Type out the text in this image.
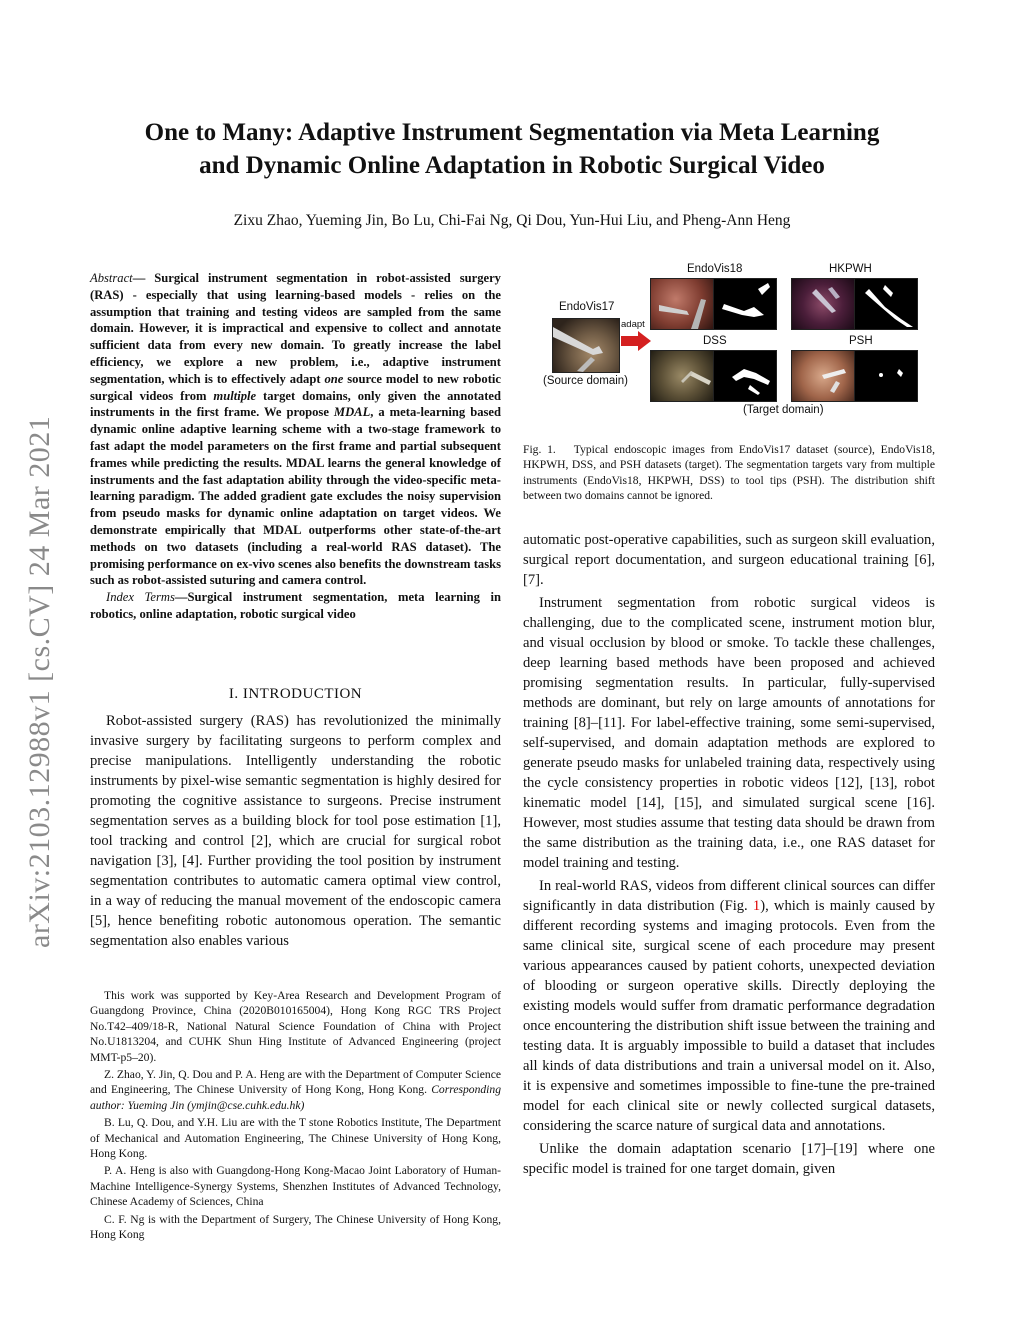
One to Many: Adaptive Instrument Segmentation via Meta Learning
and Dynamic Online Adaptation in Robotic Surgical Video
Zixu Zhao, Yueming Jin, Bo Lu, Chi-Fai Ng, Qi Dou, Yun-Hui Liu, and Pheng-Ann Heng
arXiv:2103.12988v1 [cs.CV] 24 Mar 2021

Abstract— Surgical instrument segmentation in robot-assisted surgery (RAS) - especially that using learning-based models - relies on the assumption that training and testing videos are sampled from the same domain. However, it is impractical and expensive to collect and annotate sufficient data from every new domain. To greatly increase the label efficiency, we explore a new problem, i.e., adaptive instrument segmentation, which is to effectively adapt one source model to new robotic surgical videos from multiple target domains, only given the annotated instruments in the first frame. We propose MDAL, a meta-learning based dynamic online adaptive learning scheme with a two-stage framework to fast adapt the model parameters on the first frame and partial subsequent frames while predicting the results. MDAL learns the general knowledge of instruments and the fast adaptation ability through the video-specific meta-learning paradigm. The added gradient gate excludes the noisy supervision from pseudo masks for dynamic online adaptation on target videos. We demonstrate empirically that MDAL outperforms other state-of-the-art methods on two datasets (including a real-world RAS dataset). The promising performance on ex-vivo scenes also benefits the downstream tasks such as robot-assisted suturing and camera control.

Index Terms—Surgical instrument segmentation, meta learning in robotics, online adaptation, robotic surgical video

I. INTRODUCTION

Robot-assisted surgery (RAS) has revolutionized the minimally invasive surgery by facilitating surgeons to perform complex and precise manipulations. Intelligently understanding the robotic instruments by pixel-wise semantic segmentation is highly desired for promoting the cognitive assistance to surgeons. Precise instrument segmentation serves as a building block for tool pose estimation [1], tool tracking and control [2], which are crucial for surgical robot navigation [3], [4]. Further providing the tool position by instrument segmentation contributes to automatic camera optimal view control, in a way of reducing the manual movement of the endoscopic camera [5], hence benefiting robotic autonomous operation. The semantic segmentation also enables various

This work was supported by Key-Area Research and Development Program of Guangdong Province, China (2020B010165004), Hong Kong RGC TRS Project No.T42–409/18-R, National Natural Science Foundation of China with Project No.U1813204, and CUHK Shun Hing Institute of Advanced Engineering (project MMT-p5–20).

Z. Zhao, Y. Jin, Q. Dou and P. A. Heng are with the Department of Computer Science and Engineering, The Chinese University of Hong Kong, Hong Kong. Corresponding author: Yueming Jin (ymjin@cse.cuhk.edu.hk)

B. Lu, Q. Dou, and Y.H. Liu are with the T stone Robotics Institute, The Department of Mechanical and Automation Engineering, The Chinese University of Hong Kong, Hong Kong.

P. A. Heng is also with Guangdong-Hong Kong-Macao Joint Laboratory of Human-Machine Intelligence-Synergy Systems, Shenzhen Institutes of Advanced Technology, Chinese Academy of Sciences, China

C. F. Ng is with the Department of Surgery, The Chinese University of Hong Kong, Hong Kong

EndoVis17
EndoVis18	HKPWH
DSS	PSH
adapt
(Source domain)
(Target domain)
Fig. 1. Typical endoscopic images from EndoVis17 dataset (source), EndoVis18, HKPWH, DSS, and PSH datasets (target). The segmentation targets vary from multiple instruments (EndoVis18, HKPWH, DSS) to tool tips (PSH). The distribution shift between two domains cannot be ignored.

automatic post-operative capabilities, such as surgeon skill evaluation, surgical report documentation, and surgeon educational training [6], [7].

Instrument segmentation from robotic surgical videos is challenging, due to the complicated scene, instrument motion blur, and visual occlusion by blood or smoke. To tackle these challenges, deep learning based methods have been proposed and achieved promising segmentation results. In particular, fully-supervised methods are dominant, but rely on large amounts of annotations for training [8]–[11]. For label-effective training, some semi-supervised, self-supervised, and domain adaptation methods are explored to generate pseudo masks for unlabeled training data, respectively using the cycle consistency properties in robotic videos [12], [13], robot kinematic model [14], [15], and simulated surgical scene [16]. However, most studies assume that testing data should be drawn from the same distribution as the training data, i.e., one RAS dataset for model training and testing.

In real-world RAS, videos from different clinical sources can differ significantly in data distribution (Fig. 1), which is mainly caused by different recording systems and imaging protocols. Even from the same clinical site, surgical scene of each procedure may present various appearances caused by patient cohorts, unexpected deviation of blooding or surgeon operative skills. Directly deploying the existing models would suffer from dramatic performance degradation once encountering the distribution shift issue between the training and testing data. It is arguably impossible to build a dataset that includes all kinds of data distributions and train a universal model on it. Also, it is expensive and sometimes impossible to fine-tune the pre-trained model for each clinical site or newly collected surgical datasets, considering the scarce nature of surgical data and annotations.

Unlike the domain adaptation scenario [17]–[19] where one specific model is trained for one target domain, given
